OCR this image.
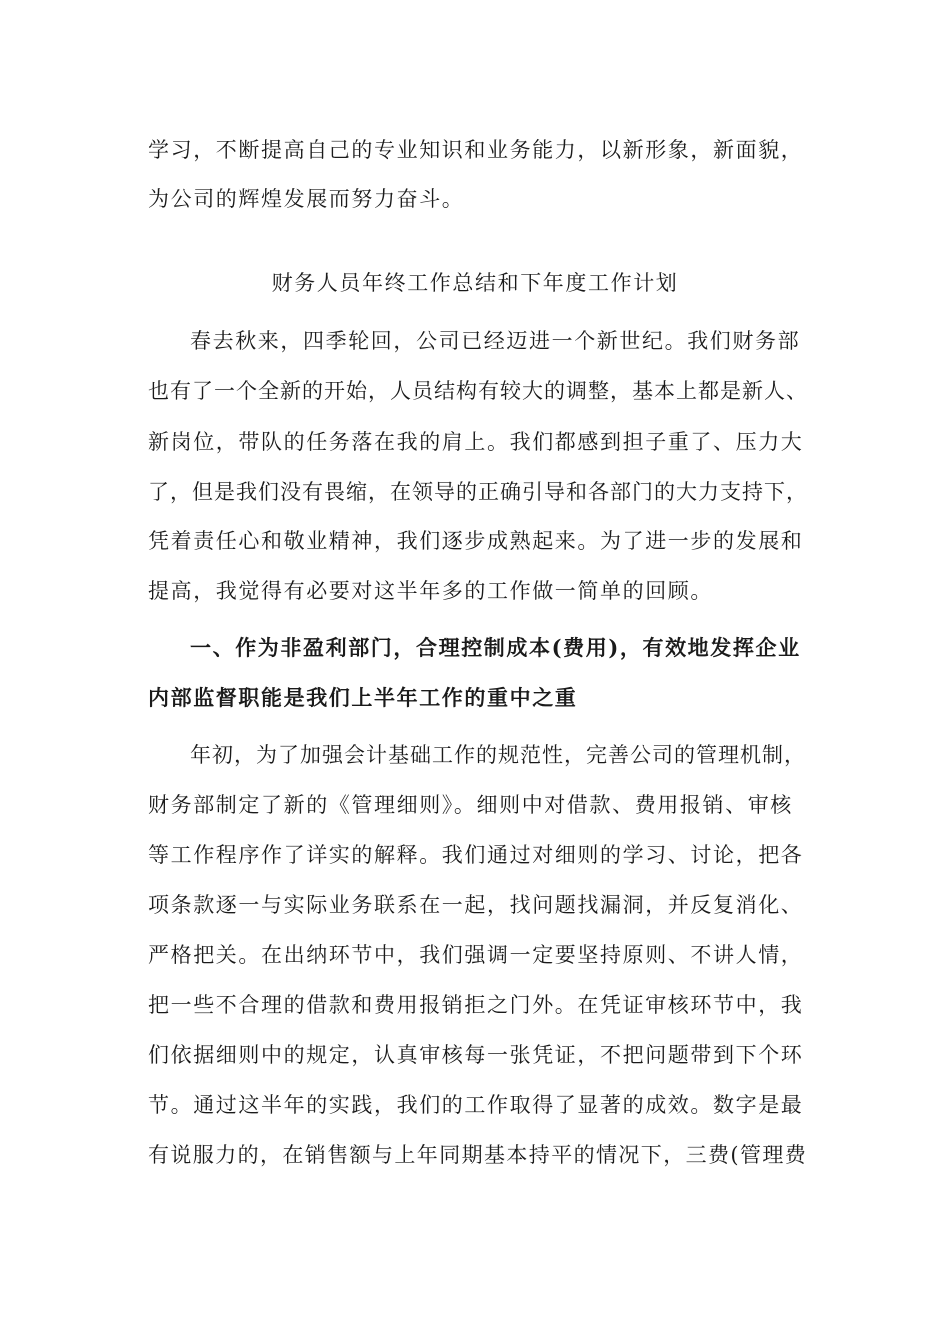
学习，不断提高自己的专业知识和业务能力，以新形象，新面貌，
为公司的辉煌发展而努力奋斗。
财务人员年终工作总结和下年度工作计划
春去秋来，四季轮回，公司已经迈进一个新世纪。我们财务部
也有了一个全新的开始，人员结构有较大的调整，基本上都是新人、
新岗位，带队的任务落在我的肩上。我们都感到担子重了、压力大
了，但是我们没有畏缩，在领导的正确引导和各部门的大力支持下，
凭着责任心和敬业精神，我们逐步成熟起来。为了进一步的发展和
提高，我觉得有必要对这半年多的工作做一简单的回顾。
一、作为非盈利部门，合理控制成本(费用)，有效地发挥企业
内部监督职能是我们上半年工作的重中之重
年初，为了加强会计基础工作的规范性，完善公司的管理机制，
财务部制定了新的《管理细则》。细则中对借款、费用报销、审核
等工作程序作了详实的解释。我们通过对细则的学习、讨论，把各
项条款逐一与实际业务联系在一起，找问题找漏洞，并反复消化、
严格把关。在出纳环节中，我们强调一定要坚持原则、不讲人情，
把一些不合理的借款和费用报销拒之门外。在凭证审核环节中，我
们依据细则中的规定，认真审核每一张凭证，不把问题带到下个环
节。通过这半年的实践，我们的工作取得了显著的成效。数字是最
有说服力的，在销售额与上年同期基本持平的情况下，三费(管理费
